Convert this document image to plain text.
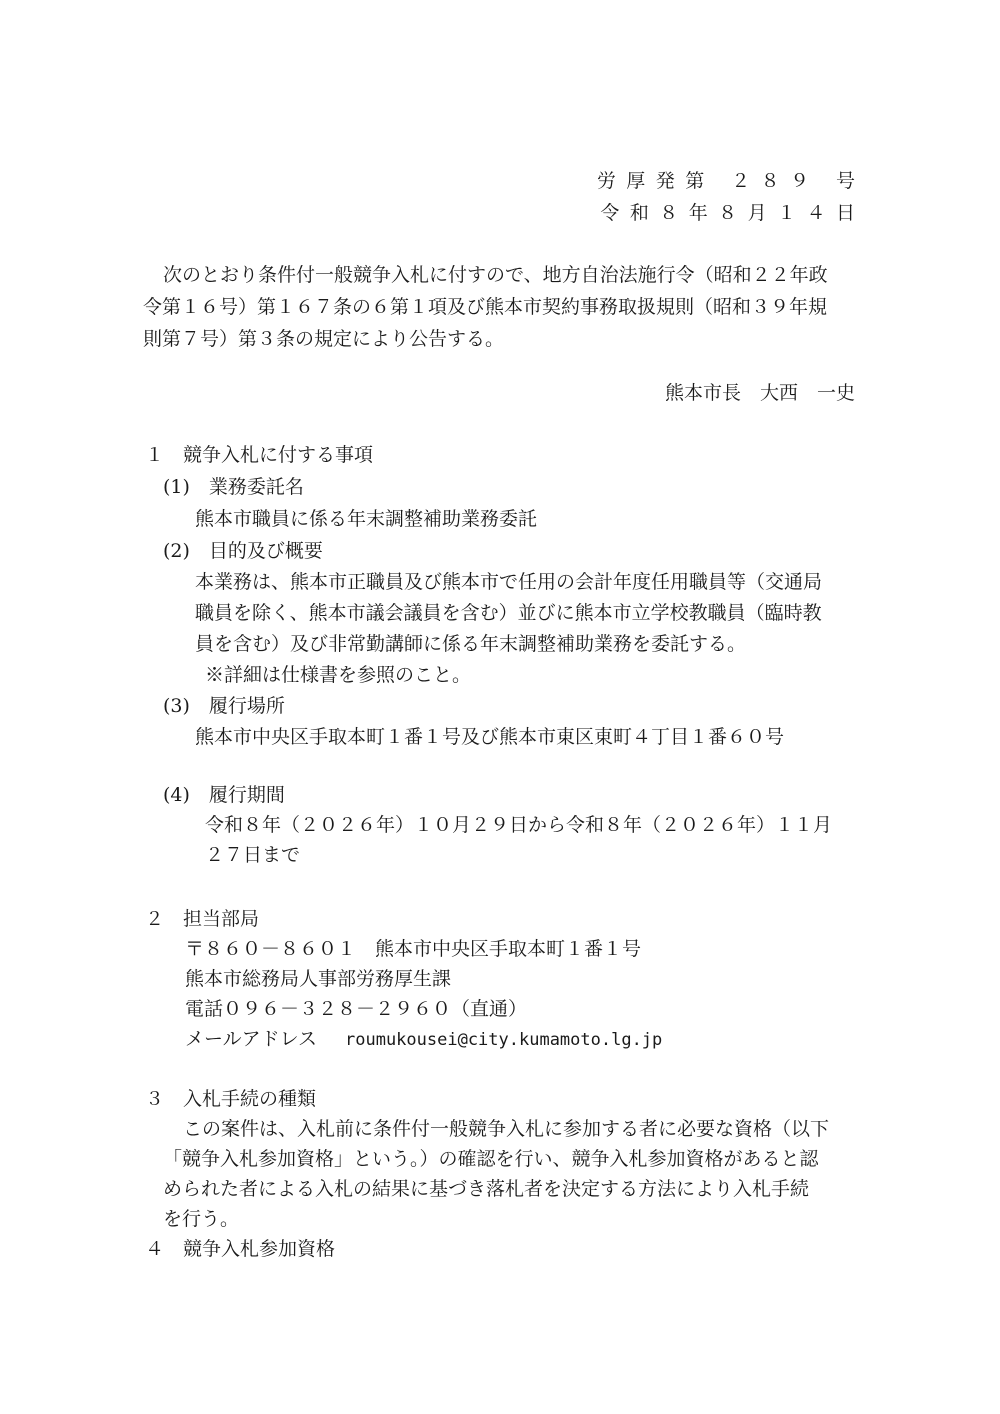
労厚発第 ２８９ 号
令和８年８月１４日
次のとおり条件付一般競争入札に付すので、地方自治法施行令（昭和２２年政
令第１６号）第１６７条の６第１項及び熊本市契約事務取扱規則（昭和３９年規
則第７号）第３条の規定により公告する。
熊本市長　大西　一史
１　競争入札に付する事項
(1)　業務委託名
熊本市職員に係る年末調整補助業務委託
(2)　目的及び概要
本業務は、熊本市正職員及び熊本市で任用の会計年度任用職員等（交通局
職員を除く、熊本市議会議員を含む）並びに熊本市立学校教職員（臨時教
員を含む）及び非常勤講師に係る年末調整補助業務を委託する。
※詳細は仕様書を参照のこと。
(3)　履行場所
熊本市中央区手取本町１番１号及び熊本市東区東町４丁目１番６０号
(4)　履行期間
令和８年（２０２６年）１０月２９日から令和８年（２０２６年）１１月
２７日まで
２　担当部局
〒８６０－８６０１　熊本市中央区手取本町１番１号
熊本市総務局人事部労務厚生課
電話０９６－３２８－２９６０（直通）
メールアドレス roumukousei@city.kumamoto.lg.jp
３　入札手続の種類
この案件は、入札前に条件付一般競争入札に参加する者に必要な資格（以下
「競争入札参加資格」という。）の確認を行い、競争入札参加資格があると認
められた者による入札の結果に基づき落札者を決定する方法により入札手続
を行う。
４　競争入札参加資格
